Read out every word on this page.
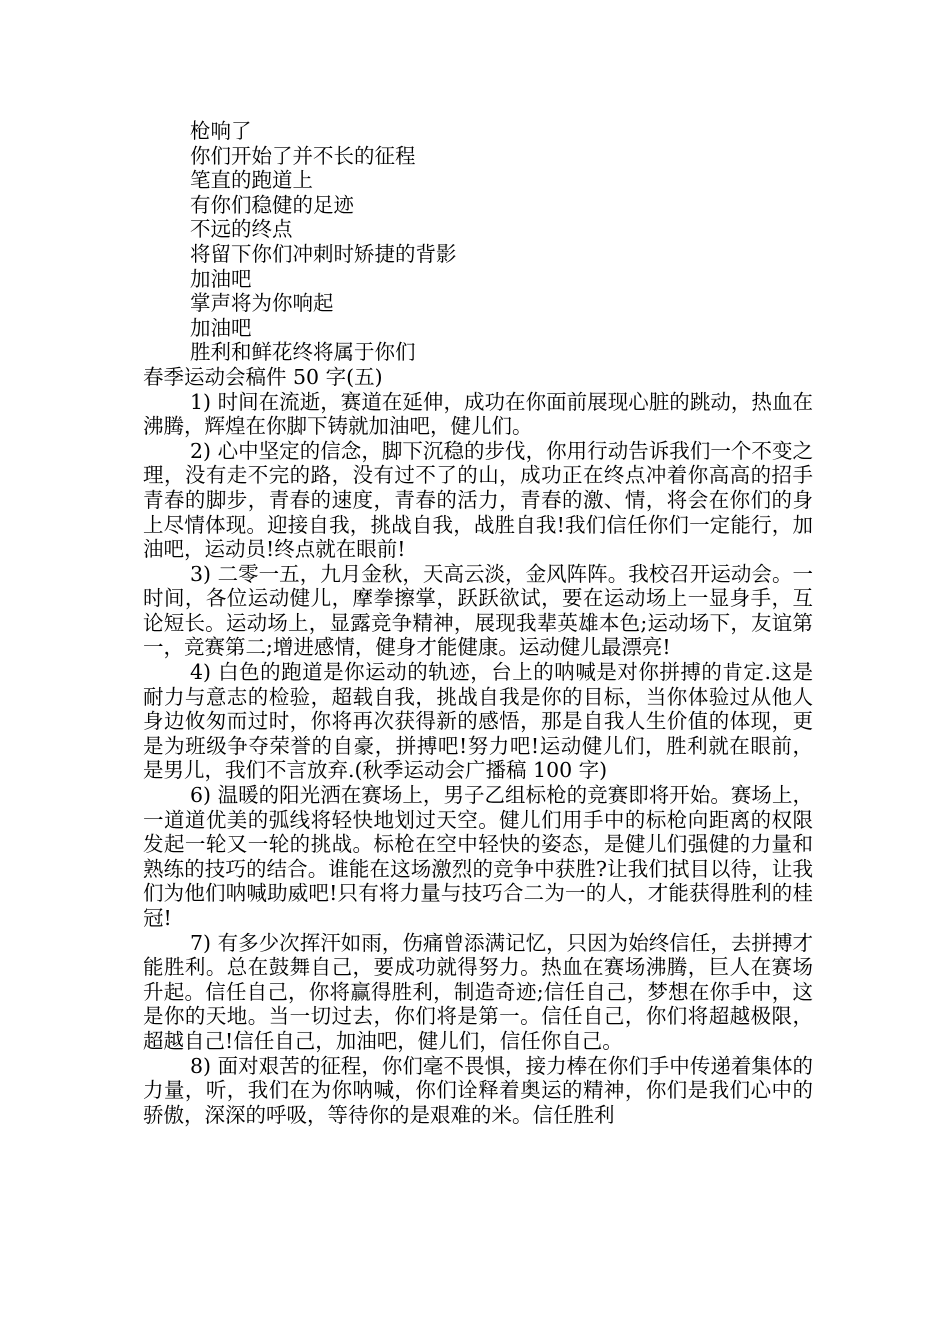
枪响了
你们开始了并不长的征程
笔直的跑道上
有你们稳健的足迹
不远的终点
将留下你们冲刺时矫捷的背影
加油吧
掌声将为你响起
加油吧
胜利和鲜花终将属于你们
春季运动会稿件 50 字(五)

1) 时间在流逝，赛道在延伸，成功在你面前展现心脏的跳动，热血在沸腾，辉煌在你脚下铸就加油吧，健儿们。

2) 心中坚定的信念，脚下沉稳的步伐，你用行动告诉我们一个不变之理，没有走不完的路，没有过不了的山，成功正在终点冲着你高高的招手青春的脚步，青春的速度，青春的活力，青春的激、情，将会在你们的身上尽情体现。迎接自我，挑战自我，战胜自我!我们信任你们一定能行，加油吧，运动员!终点就在眼前!

3) 二零一五，九月金秋，天高云淡，金风阵阵。我校召开运动会。一时间，各位运动健儿，摩拳擦掌，跃跃欲试，要在运动场上一显身手，互论短长。运动场上，显露竞争精神，展现我辈英雄本色;运动场下，友谊第一，竞赛第二;增进感情，健身才能健康。运动健儿最漂亮!

4) 白色的跑道是你运动的轨迹，台上的呐喊是对你拼搏的肯定.这是耐力与意志的检验，超载自我，挑战自我是你的目标，当你体验过从他人身边攸匆而过时，你将再次获得新的感悟，那是自我人生价值的体现，更是为班级争夺荣誉的自豪，拼搏吧!努力吧!运动健儿们，胜利就在眼前，是男儿，我们不言放弃.(秋季运动会广播稿 100 字)

6) 温暖的阳光洒在赛场上，男子乙组标枪的竞赛即将开始。赛场上，一道道优美的弧线将轻快地划过天空。健儿们用手中的标枪向距离的权限发起一轮又一轮的挑战。标枪在空中轻快的姿态，是健儿们强健的力量和熟练的技巧的结合。谁能在这场激烈的竞争中获胜?让我们拭目以待，让我们为他们呐喊助威吧!只有将力量与技巧合二为一的人，才能获得胜利的桂冠!

7) 有多少次挥汗如雨，伤痛曾添满记忆，只因为始终信任，去拼搏才能胜利。总在鼓舞自己，要成功就得努力。热血在赛场沸腾，巨人在赛场升起。信任自己，你将赢得胜利，制造奇迹;信任自己，梦想在你手中，这是你的天地。当一切过去，你们将是第一。信任自己，你们将超越极限，超越自己!信任自己，加油吧，健儿们，信任你自己。

8) 面对艰苦的征程，你们毫不畏惧，接力棒在你们手中传递着集体的力量，听，我们在为你呐喊，你们诠释着奥运的精神，你们是我们心中的骄傲，深深的呼吸，等待你的是艰难的米。信任胜利
